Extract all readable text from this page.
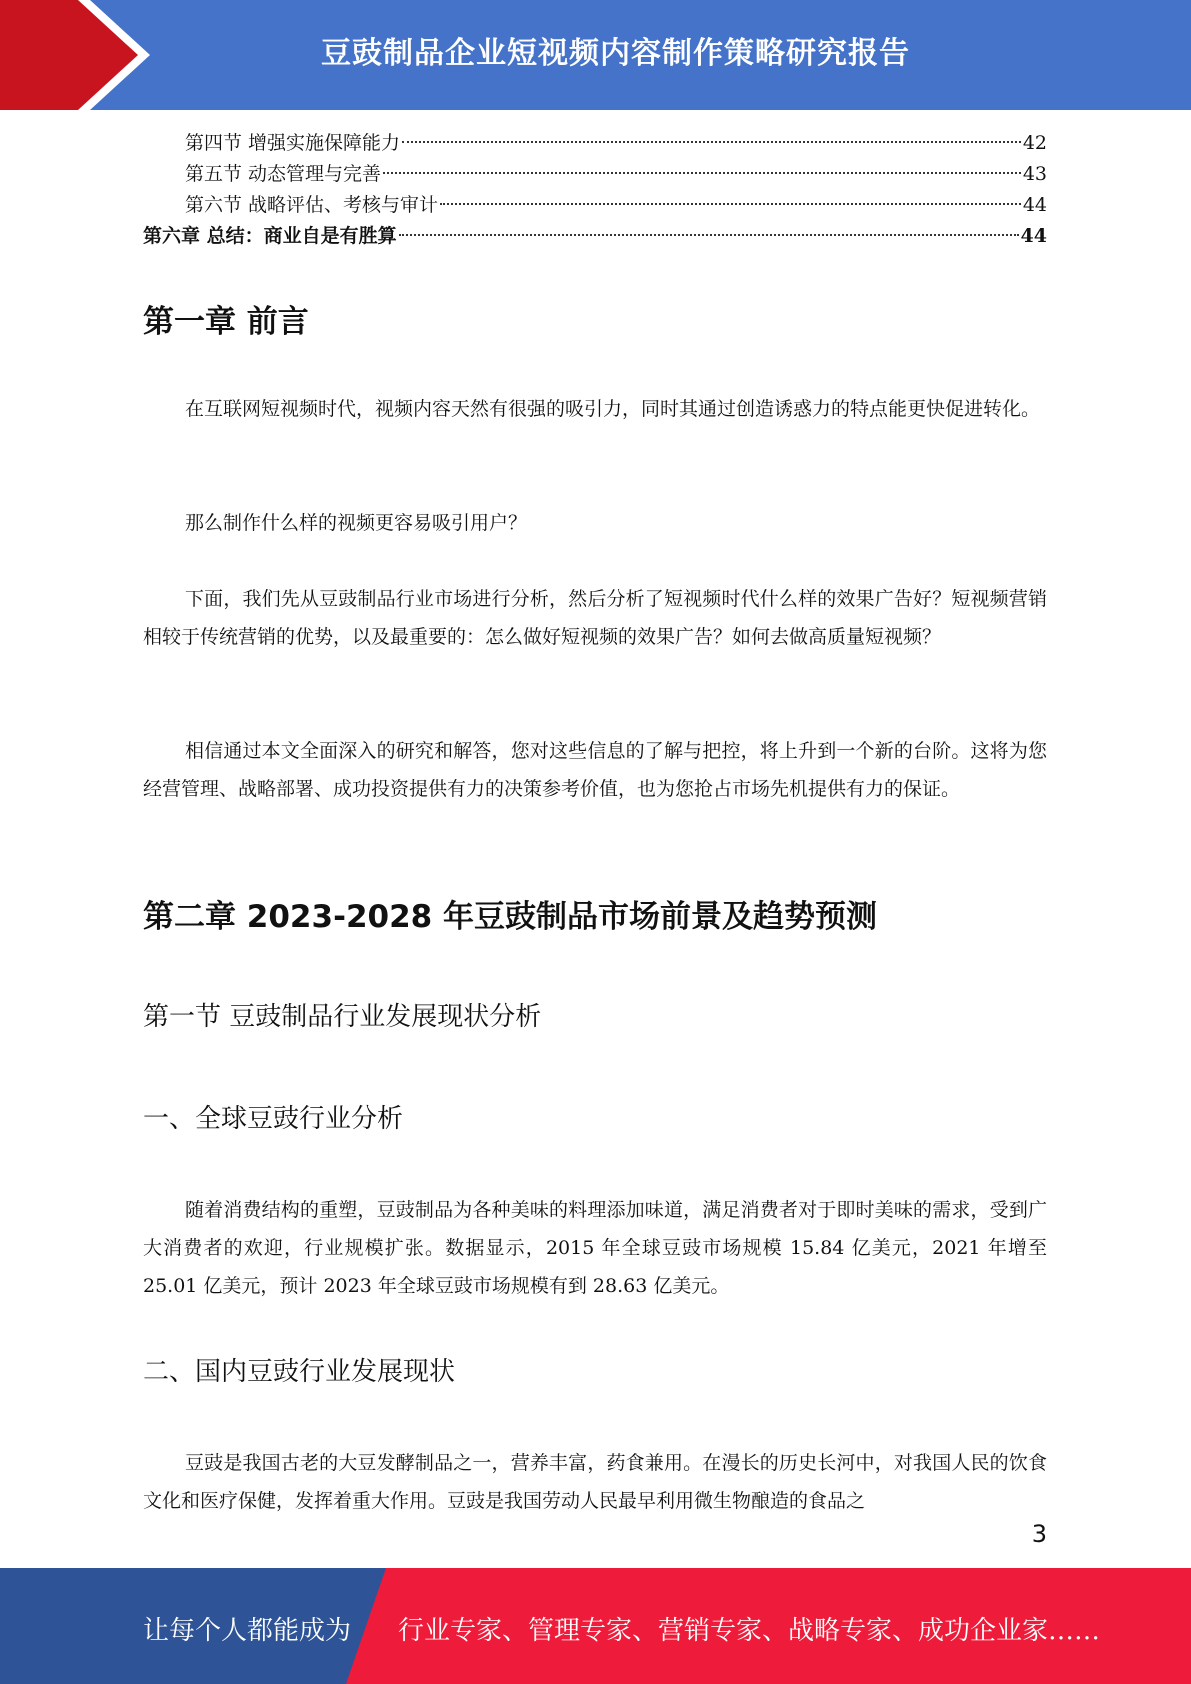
豆豉制品企业短视频内容制作策略研究报告
第四节 增强实施保障能力	42
第五节 动态管理与完善	43
第六节 战略评估、考核与审计	44
第六章 总结：商业自是有胜算	44
第一章 前言

在互联网短视频时代，视频内容天然有很强的吸引力，同时其通过创造诱惑力的特点能更快促进转化。

那么制作什么样的视频更容易吸引用户？

下面，我们先从豆豉制品行业市场进行分析，然后分析了短视频时代什么样的效果广告好？短视频营销相较于传统营销的优势，以及最重要的：怎么做好短视频的效果广告？如何去做高质量短视频？

相信通过本文全面深入的研究和解答，您对这些信息的了解与把控，将上升到一个新的台阶。这将为您经营管理、战略部署、成功投资提供有力的决策参考价值，也为您抢占市场先机提供有力的保证。

第二章 2023-2028 年豆豉制品市场前景及趋势预测
第一节 豆豉制品行业发展现状分析
一、全球豆豉行业分析

随着消费结构的重塑，豆豉制品为各种美味的料理添加味道，满足消费者对于即时美味的需求，受到广大消费者的欢迎，行业规模扩张。数据显示，2015 年全球豆豉市场规模 15.84 亿美元，2021 年增至 25.01 亿美元，预计 2023 年全球豆豉市场规模有到 28.63 亿美元。

二、国内豆豉行业发展现状

豆豉是我国古老的大豆发酵制品之一，营养丰富，药食兼用。在漫长的历史长河中，对我国人民的饮食文化和医疗保健，发挥着重大作用。豆豉是我国劳动人民最早利用微生物酿造的食品之

3
让每个人都能成为 行业专家、管理专家、营销专家、战略专家、成功企业家……
